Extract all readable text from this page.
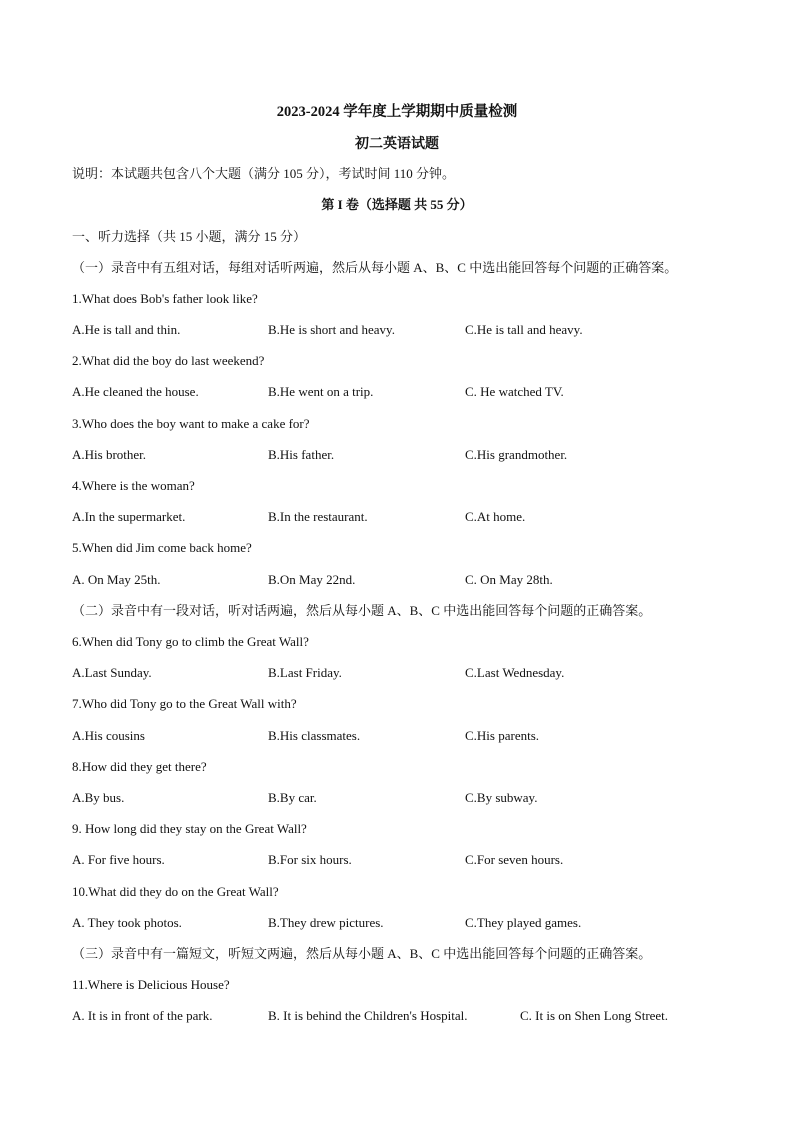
2023-2024 学年度上学期期中质量检测
初二英语试题
说明：本试题共包含八个大题（满分 105 分），考试时间 110 分钟。
第 I 卷（选择题 共 55 分）
一、听力选择（共 15 小题，满分 15 分）
（一）录音中有五组对话，每组对话听两遍，然后从每小题 A、B、C 中选出能回答每个问题的正确答案。
1.What does Bob's father look like?
A.He is tall and thin.	B.He is short and heavy.	C.He is tall and heavy.
2.What did the boy do last weekend?
A.He cleaned the house.	B.He went on a trip.	C. He watched TV.
3.Who does the boy want to make a cake for?
A.His brother.	B.His father.	C.His grandmother.
4.Where is the woman?
A.In the supermarket.	B.In the restaurant.	C.At home.
5.When did Jim come back home?
A. On May 25th.	B.On May 22nd.	C. On May 28th.
（二）录音中有一段对话，听对话两遍，然后从每小题 A、B、C 中选出能回答每个问题的正确答案。
6.When did Tony go to climb the Great Wall?
A.Last Sunday.	B.Last Friday.	C.Last Wednesday.
7.Who did Tony go to the Great Wall with?
A.His cousins	B.His classmates.	C.His parents.
8.How did they get there?
A.By bus.	B.By car.	C.By subway.
9. How long did they stay on the Great Wall?
A. For five hours.	B.For six hours.	C.For seven hours.
10.What did they do on the Great Wall?
A. They took photos.	B.They drew pictures.	C.They played games.
（三）录音中有一篇短文，听短文两遍，然后从每小题 A、B、C 中选出能回答每个问题的正确答案。
11.Where is Delicious House?
A. It is in front of the park.	B. It is behind the Children's Hospital.	C. It is on Shen Long Street.
